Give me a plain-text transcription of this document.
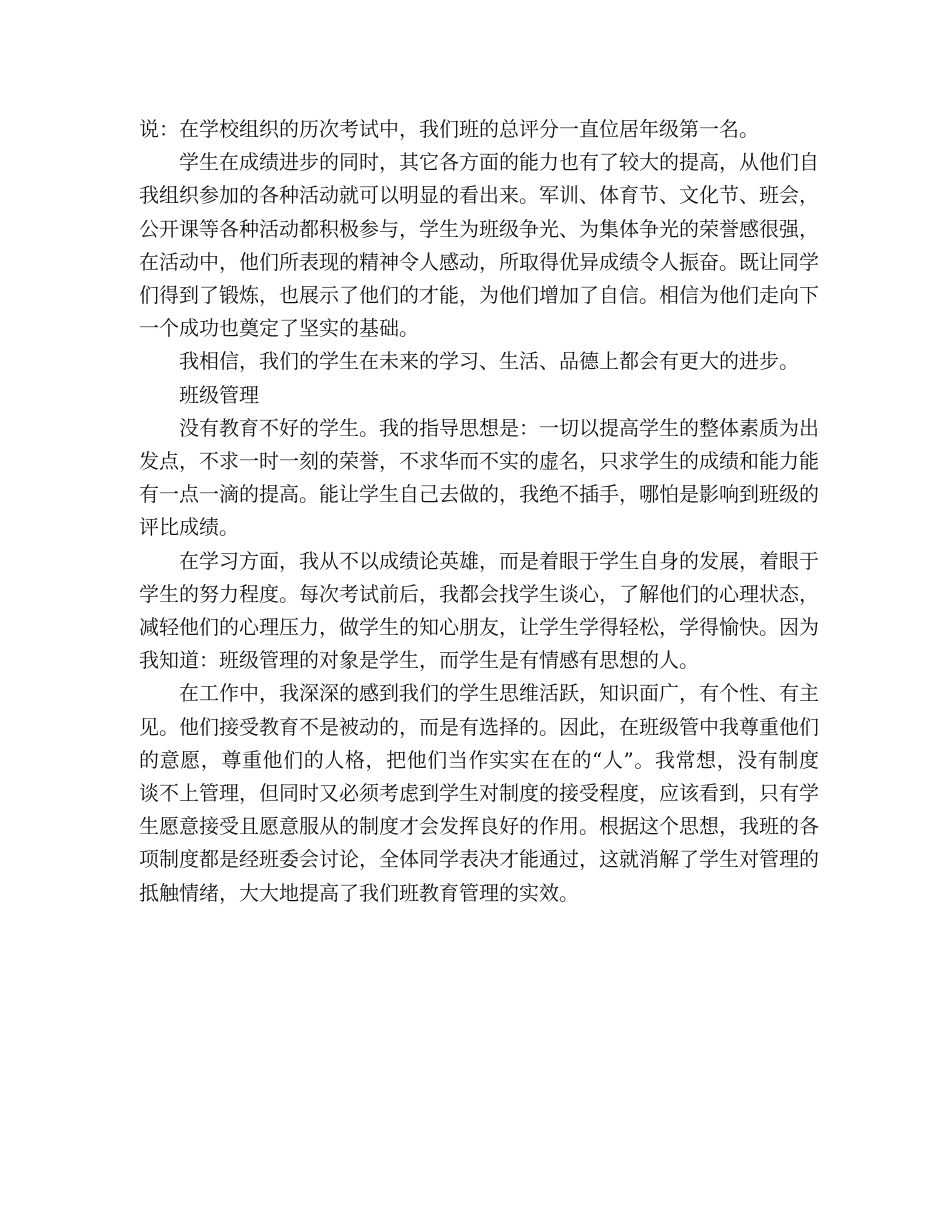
说：在学校组织的历次考试中，我们班的总评分一直位居年级第一名。

学生在成绩进步的同时，其它各方面的能力也有了较大的提高，从他们自我组织参加的各种活动就可以明显的看出来。军训、体育节、文化节、班会，公开课等各种活动都积极参与，学生为班级争光、为集体争光的荣誉感很强，在活动中，他们所表现的精神令人感动，所取得优异成绩令人振奋。既让同学们得到了锻炼，也展示了他们的才能，为他们增加了自信。相信为他们走向下一个成功也奠定了坚实的基础。

我相信，我们的学生在未来的学习、生活、品德上都会有更大的进步。

班级管理

没有教育不好的学生。我的指导思想是：一切以提高学生的整体素质为出发点，不求一时一刻的荣誉，不求华而不实的虚名，只求学生的成绩和能力能有一点一滴的提高。能让学生自己去做的，我绝不插手，哪怕是影响到班级的评比成绩。

在学习方面，我从不以成绩论英雄，而是着眼于学生自身的发展，着眼于学生的努力程度。每次考试前后，我都会找学生谈心，了解他们的心理状态，减轻他们的心理压力，做学生的知心朋友，让学生学得轻松，学得愉快。因为我知道：班级管理的对象是学生，而学生是有情感有思想的人。

在工作中，我深深的感到我们的学生思维活跃，知识面广，有个性、有主见。他们接受教育不是被动的，而是有选择的。因此，在班级管中我尊重他们的意愿，尊重他们的人格，把他们当作实实在在的“人”。我常想，没有制度谈不上管理，但同时又必须考虑到学生对制度的接受程度，应该看到，只有学生愿意接受且愿意服从的制度才会发挥良好的作用。根据这个思想，我班的各项制度都是经班委会讨论，全体同学表决才能通过，这就消解了学生对管理的抵触情绪，大大地提高了我们班教育管理的实效。
